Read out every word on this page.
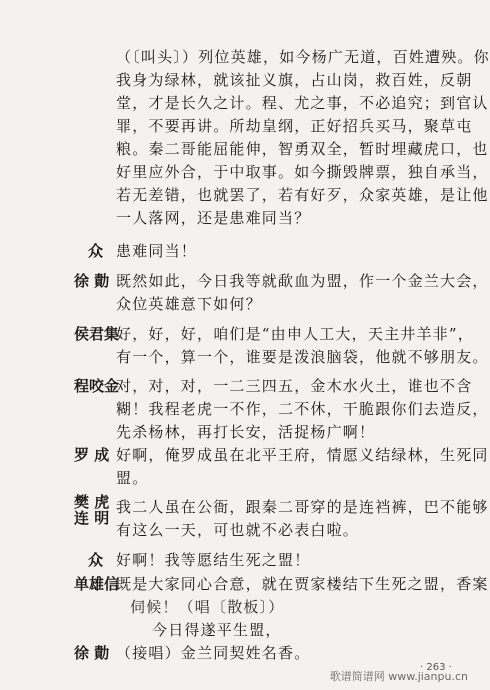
（〔叫头〕）列位英雄，如今杨广无道，百姓遭殃。你
我身为绿林，就该扯义旗，占山岗，救百姓，反朝
堂，才是长久之计。程、尤之事，不必追究；到官认
罪，不要再讲。所劫皇纲，正好招兵买马，聚草屯
粮。秦二哥能屈能伸，智勇双全，暂时埋藏虎口，也
好里应外合，于中取事。如今撕毁牌票，独自承当，
若无差错，也就罢了，若有好歹，众家英雄，是让他
一人落网，还是患难同当？
众 患难同当！
徐 勣 既然如此，今日我等就歃血为盟，作一个金兰大会，
众位英雄意下如何？
侯君集
好，好，好，咱们是“由申人工大，天主井羊非”，
有一个，算一个，谁要是泼浪脑袋，他就不够朋友。
程咬金
对，对，对，一二三四五，金木水火土，谁也不含
糊！我程老虎一不作，二不休，干脆跟你们去造反，
先杀杨林，再打长安，活捉杨广啊！
罗 成 好啊，俺罗成虽在北平王府，情愿义结绿林，生死同
盟。
樊 虎
连 明
我二人虽在公衙，跟秦二哥穿的是连裆裤，巴不能够
有这么一天，可也就不必表白啦。
众 好啊！我等愿结生死之盟！
单雄信
既是大家同心合意，就在贾家楼结下生死之盟，香案
伺候！（唱〔散板〕）
今日得遂平生盟，
徐 勣 （接唱）金兰同契姓名香。
· 263 ·
歌谱简谱网 www.jianpu.cn
